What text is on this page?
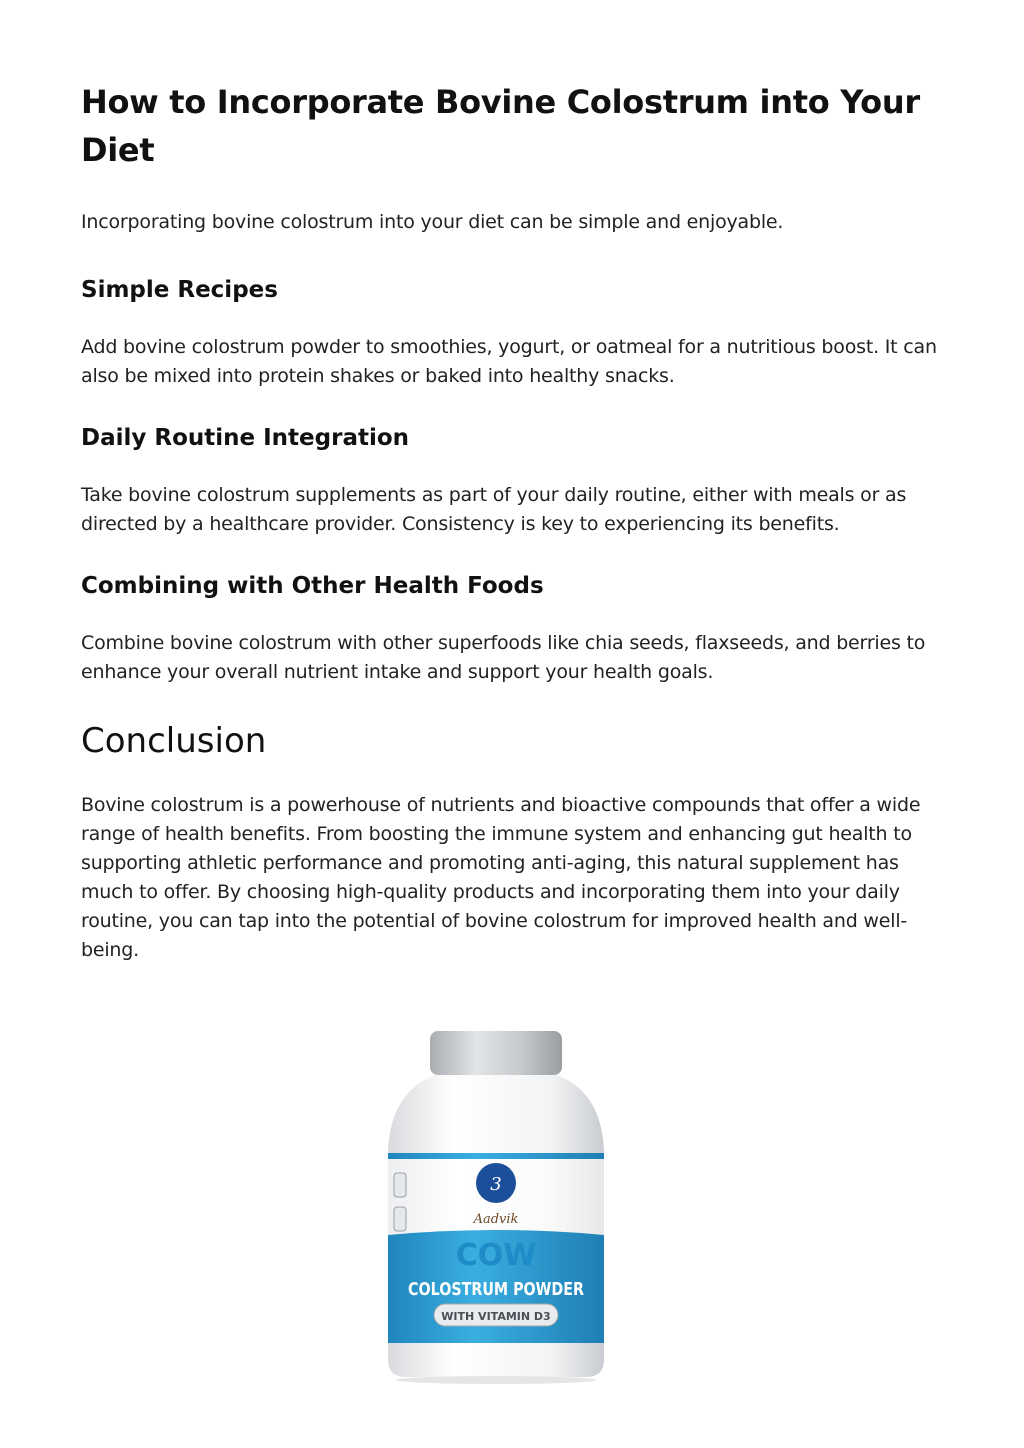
How to Incorporate Bovine Colostrum into Your Diet

Incorporating bovine colostrum into your diet can be simple and enjoyable.

Simple Recipes

Add bovine colostrum powder to smoothies, yogurt, or oatmeal for a nutritious boost. It can also be mixed into protein shakes or baked into healthy snacks.

Daily Routine Integration

Take bovine colostrum supplements as part of your daily routine, either with meals or as directed by a healthcare provider. Consistency is key to experiencing its benefits.

Combining with Other Health Foods

Combine bovine colostrum with other superfoods like chia seeds, flaxseeds, and berries to enhance your overall nutrient intake and support your health goals.

Conclusion

Bovine colostrum is a powerhouse of nutrients and bioactive compounds that offer a wide range of health benefits. From boosting the immune system and enhancing gut health to supporting athletic performance and promoting anti-aging, this natural supplement has much to offer. By choosing high-quality products and incorporating them into your daily routine, you can tap into the potential of bovine colostrum for improved health and well-being.

3
Aadvik
COW
COLOSTRUM POWDER
WITH VITAMIN D3
